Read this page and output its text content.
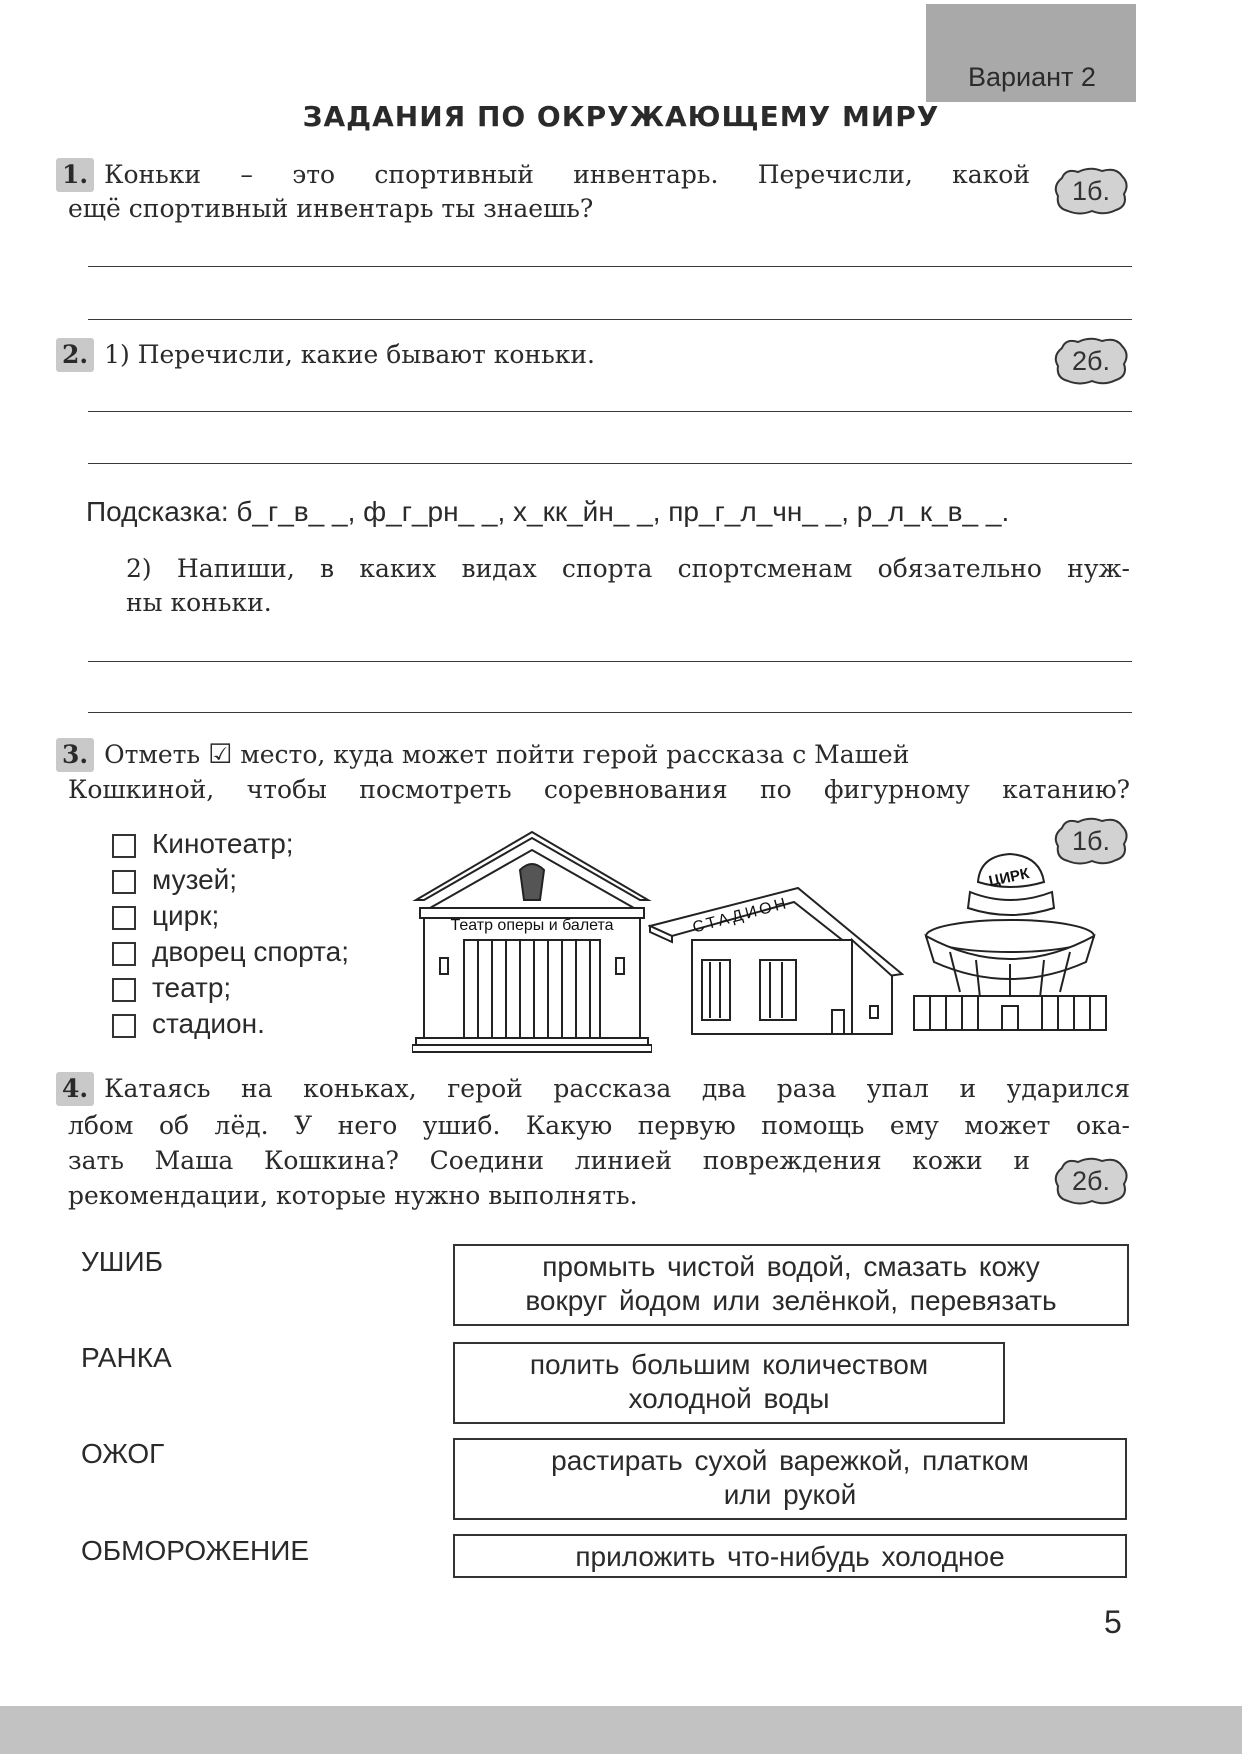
Вариант 2
ЗАДАНИЯ ПО ОКРУЖАЮЩЕМУ МИРУ
1. Коньки – это спортивный инвентарь. Перечисли, какой
ещё спортивный инвентарь ты знаешь?
1б.
2. 1) Перечисли, какие бывают коньки.	2б.
Подсказка: б_г_в_ _, ф_г_рн_ _, х_кк_йн_ _, пр_г_л_чн_ _, р_л_к_в_ _.
2) Напиши, в каких видах спорта спортсменам обязательно нуж-
ны коньки.
3. Отметь ☑ место, куда может пойти герой рассказа с Машей
Кошкиной, чтобы посмотреть соревнования по фигурному катанию?
1б.
Кинотеатр;
музей;
цирк;
дворец спорта;
театр;
стадион.
Театр оперы и балета	СТАДИОН
ЦИРК
4. Катаясь на коньках, герой рассказа два раза упал и ударился
лбом об лёд. У него ушиб. Какую первую помощь ему может ока-
зать Маша Кошкина? Соедини линией повреждения кожи и
рекомендации, которые нужно выполнять.	2б.
УШИБ
РАНКА
ОЖОГ
ОБМОРОЖЕНИЕ
промыть чистой водой, смазать кожу
вокруг йодом или зелёнкой, перевязать
полить большим количеством
холодной воды
растирать сухой варежкой, платком
или рукой
приложить что-нибудь холодное
5
